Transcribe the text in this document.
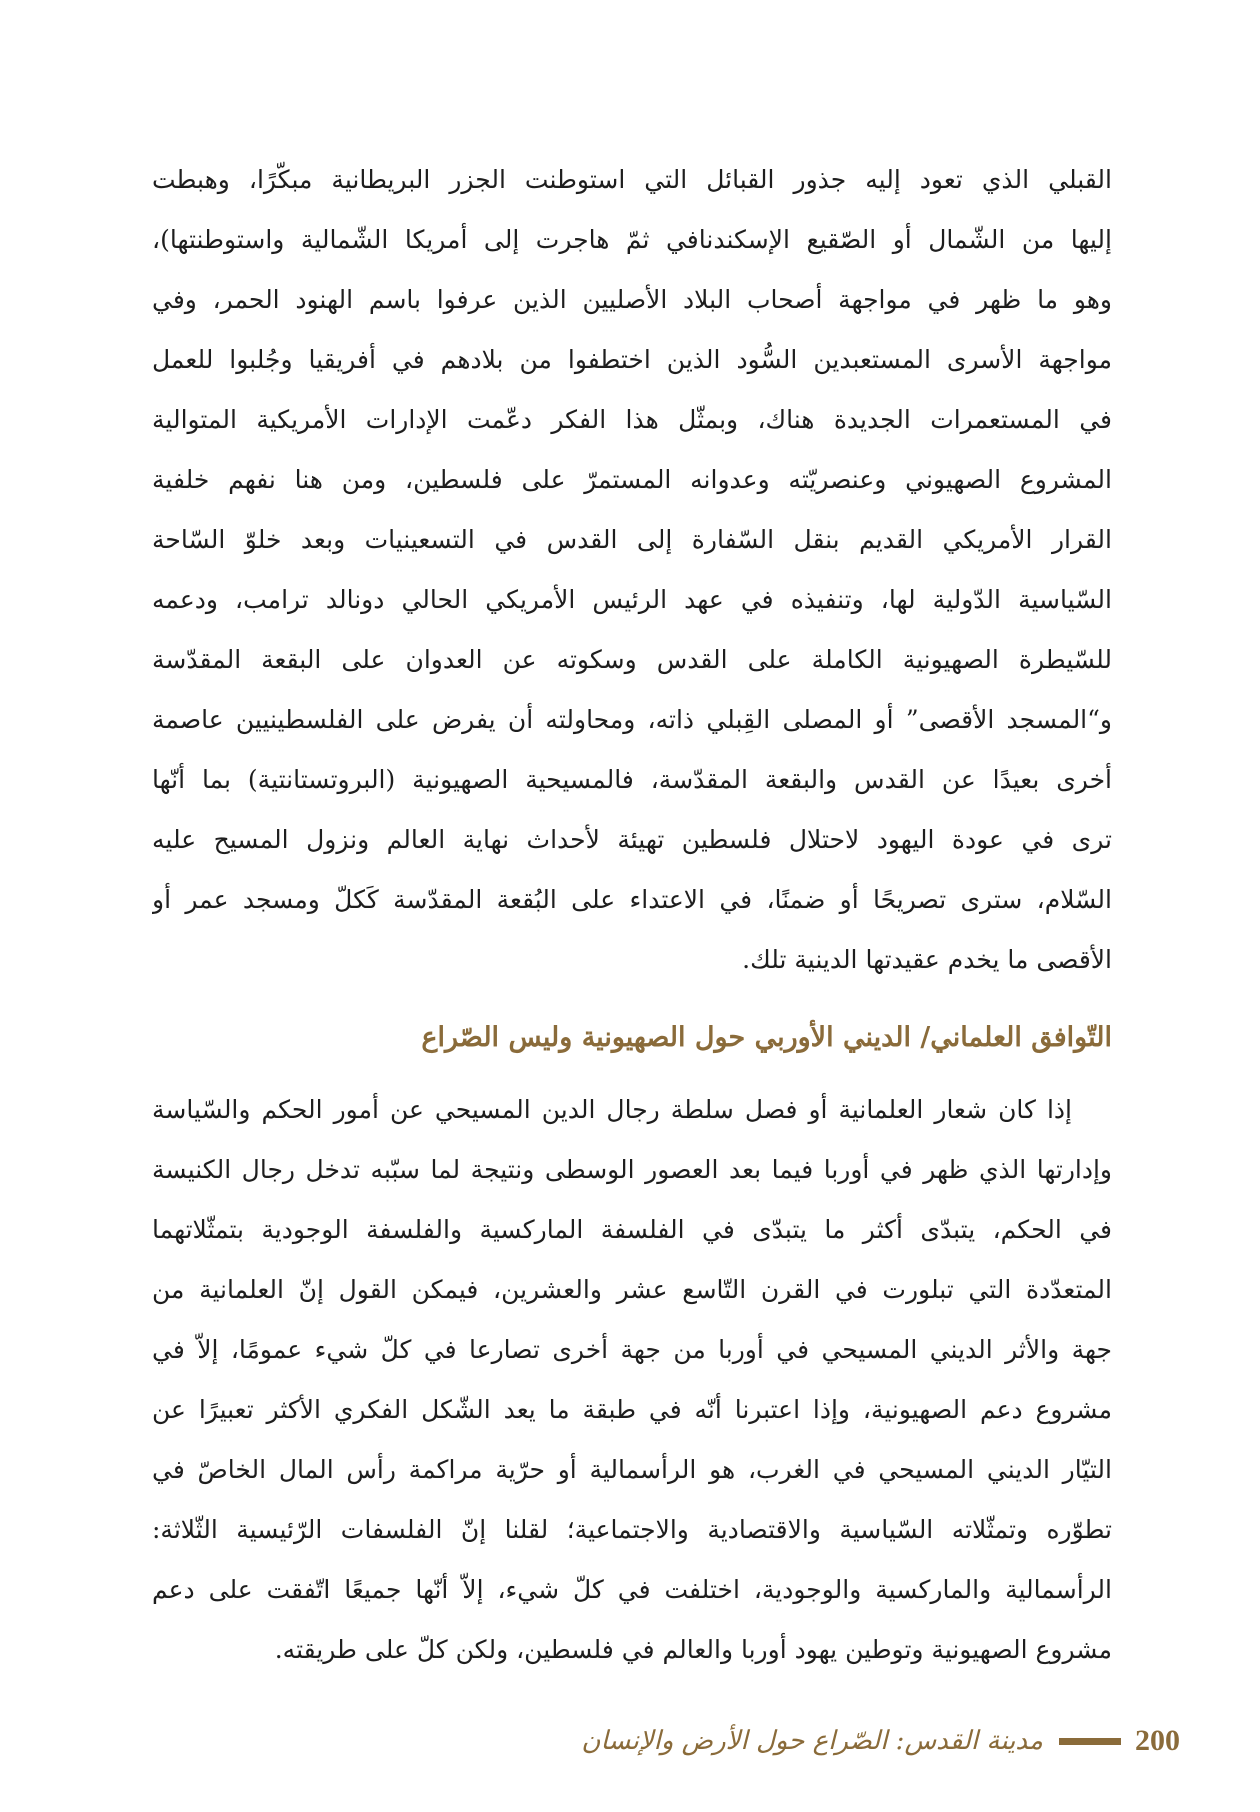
القبلي الذي تعود إليه جذور القبائل التي استوطنت الجزر البريطانية مبكّرًا، وهبطت
إليها من الشّمال أو الصّقيع الإسكندنافي ثمّ هاجرت إلى أمريكا الشّمالية واستوطنتها)،
وهو ما ظهر في مواجهة أصحاب البلاد الأصليين الذين عرفوا باسم الهنود الحمر، وفي
مواجهة الأسرى المستعبدين السُّود الذين اختطفوا من بلادهم في أفريقيا وجُلبوا للعمل
في المستعمرات الجديدة هناك، وبمثّل هذا الفكر دعّمت الإدارات الأمريكية المتوالية
المشروع الصهيوني وعنصريّته وعدوانه المستمرّ على فلسطين، ومن هنا نفهم خلفية
القرار الأمريكي القديم بنقل السّفارة إلى القدس في التسعينيات وبعد خلوّ السّاحة
السّياسية الدّولية لها، وتنفيذه في عهد الرئيس الأمريكي الحالي دونالد ترامب، ودعمه
للسّيطرة الصهيونية الكاملة على القدس وسكوته عن العدوان على البقعة المقدّسة
و“المسجد الأقصى” أو المصلى القِبلي ذاته، ومحاولته أن يفرض على الفلسطينيين عاصمة
أخرى بعيدًا عن القدس والبقعة المقدّسة، فالمسيحية الصهيونية (البروتستانتية) بما أنّها
ترى في عودة اليهود لاحتلال فلسطين تهيئة لأحداث نهاية العالم ونزول المسيح عليه
السّلام، سترى تصريحًا أو ضمنًا، في الاعتداء على البُقعة المقدّسة كَكلّ ومسجد عمر أو
الأقصى ما يخدم عقيدتها الدينية تلك.
التّوافق العلماني/ الديني الأوربي حول الصهيونية وليس الصّراع
إذا كان شعار العلمانية أو فصل سلطة رجال الدين المسيحي عن أمور الحكم والسّياسة
وإدارتها الذي ظهر في أوربا فيما بعد العصور الوسطى ونتيجة لما سبّبه تدخل رجال الكنيسة
في الحكم، يتبدّى أكثر ما يتبدّى في الفلسفة الماركسية والفلسفة الوجودية بتمثّلاتهما
المتعدّدة التي تبلورت في القرن التّاسع عشر والعشرين، فيمكن القول إنّ العلمانية من
جهة والأثر الديني المسيحي في أوربا من جهة أخرى تصارعا في كلّ شيء عمومًا، إلاّ في
مشروع دعم الصهيونية، وإذا اعتبرنا أنّه في طبقة ما يعد الشّكل الفكري الأكثر تعبيرًا عن
التيّار الديني المسيحي في الغرب، هو الرأسمالية أو حرّية مراكمة رأس المال الخاصّ في
تطوّره وتمثّلاته السّياسية والاقتصادية والاجتماعية؛ لقلنا إنّ الفلسفات الرّئيسية الثّلاثة:
الرأسمالية والماركسية والوجودية، اختلفت في كلّ شيء، إلاّ أنّها جميعًا اتّفقت على دعم
مشروع الصهيونية وتوطين يهود أوربا والعالم في فلسطين، ولكن كلّ على طريقته.
مدينة القدس: الصّراع حول الأرض والإنسان	200
